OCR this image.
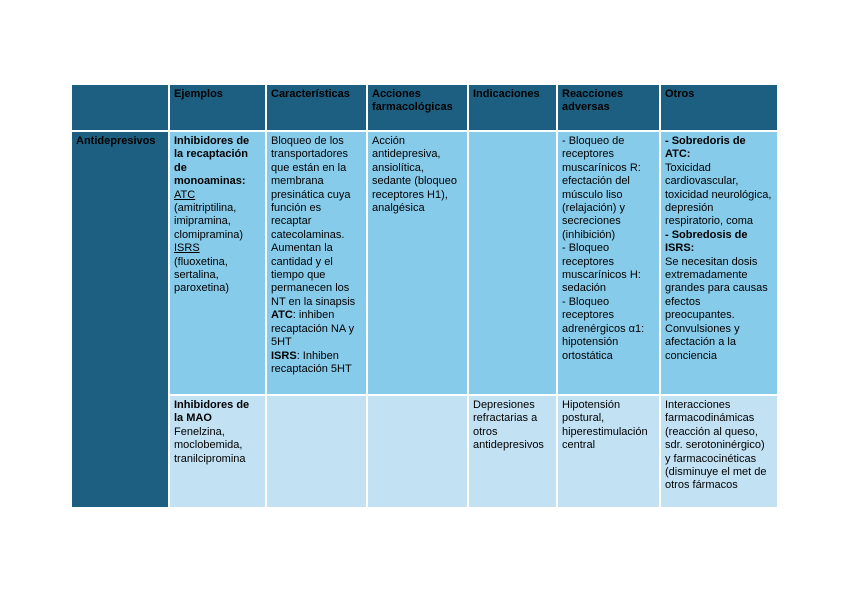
	Ejemplos	Características	Acciones farmacológicas	Indicaciones	Reacciones adversas	Otros
Antidepresivos	Inhibidores de la recaptación de monoaminas:
ATC
(amitriptilina, imipramina, clomipramina)
ISRS
(fluoxetina, sertalina, paroxetina)	Bloqueo de los transportadores que están en la membrana presinática cuya función es recaptar catecolaminas. Aumentan la cantidad y el tiempo que permanecen los NT en la sinapsis
ATC: inhiben recaptación NA y 5HT
ISRS: Inhiben recaptación 5HT	Acción antidepresiva, ansiolítica, sedante (bloqueo receptores H1), analgésica		- Bloqueo de receptores muscarínicos R: efectación del músculo liso (relajación) y secreciones (inhibición)
- Bloqueo receptores muscarínicos H: sedación
- Bloqueo receptores adrenérgicos α1: hipotensión ortostática	- Sobredoris de ATC:
Toxicidad cardiovascular, toxicidad neurológica, depresión respiratorio, coma
- Sobredosis de ISRS:
Se necesitan dosis extremadamente grandes para causas efectos preocupantes. Convulsiones y afectación a la conciencia
	Inhibidores de la MAO
Fenelzina, moclobemida, tranilcipromina			Depresiones refractarias a otros antidepresivos	Hipotensión postural, hiperestimulación central	Interacciones farmacodinámicas (reacción al queso, sdr. serotoninérgico) y farmacocinéticas (disminuye el met de otros fármacos
